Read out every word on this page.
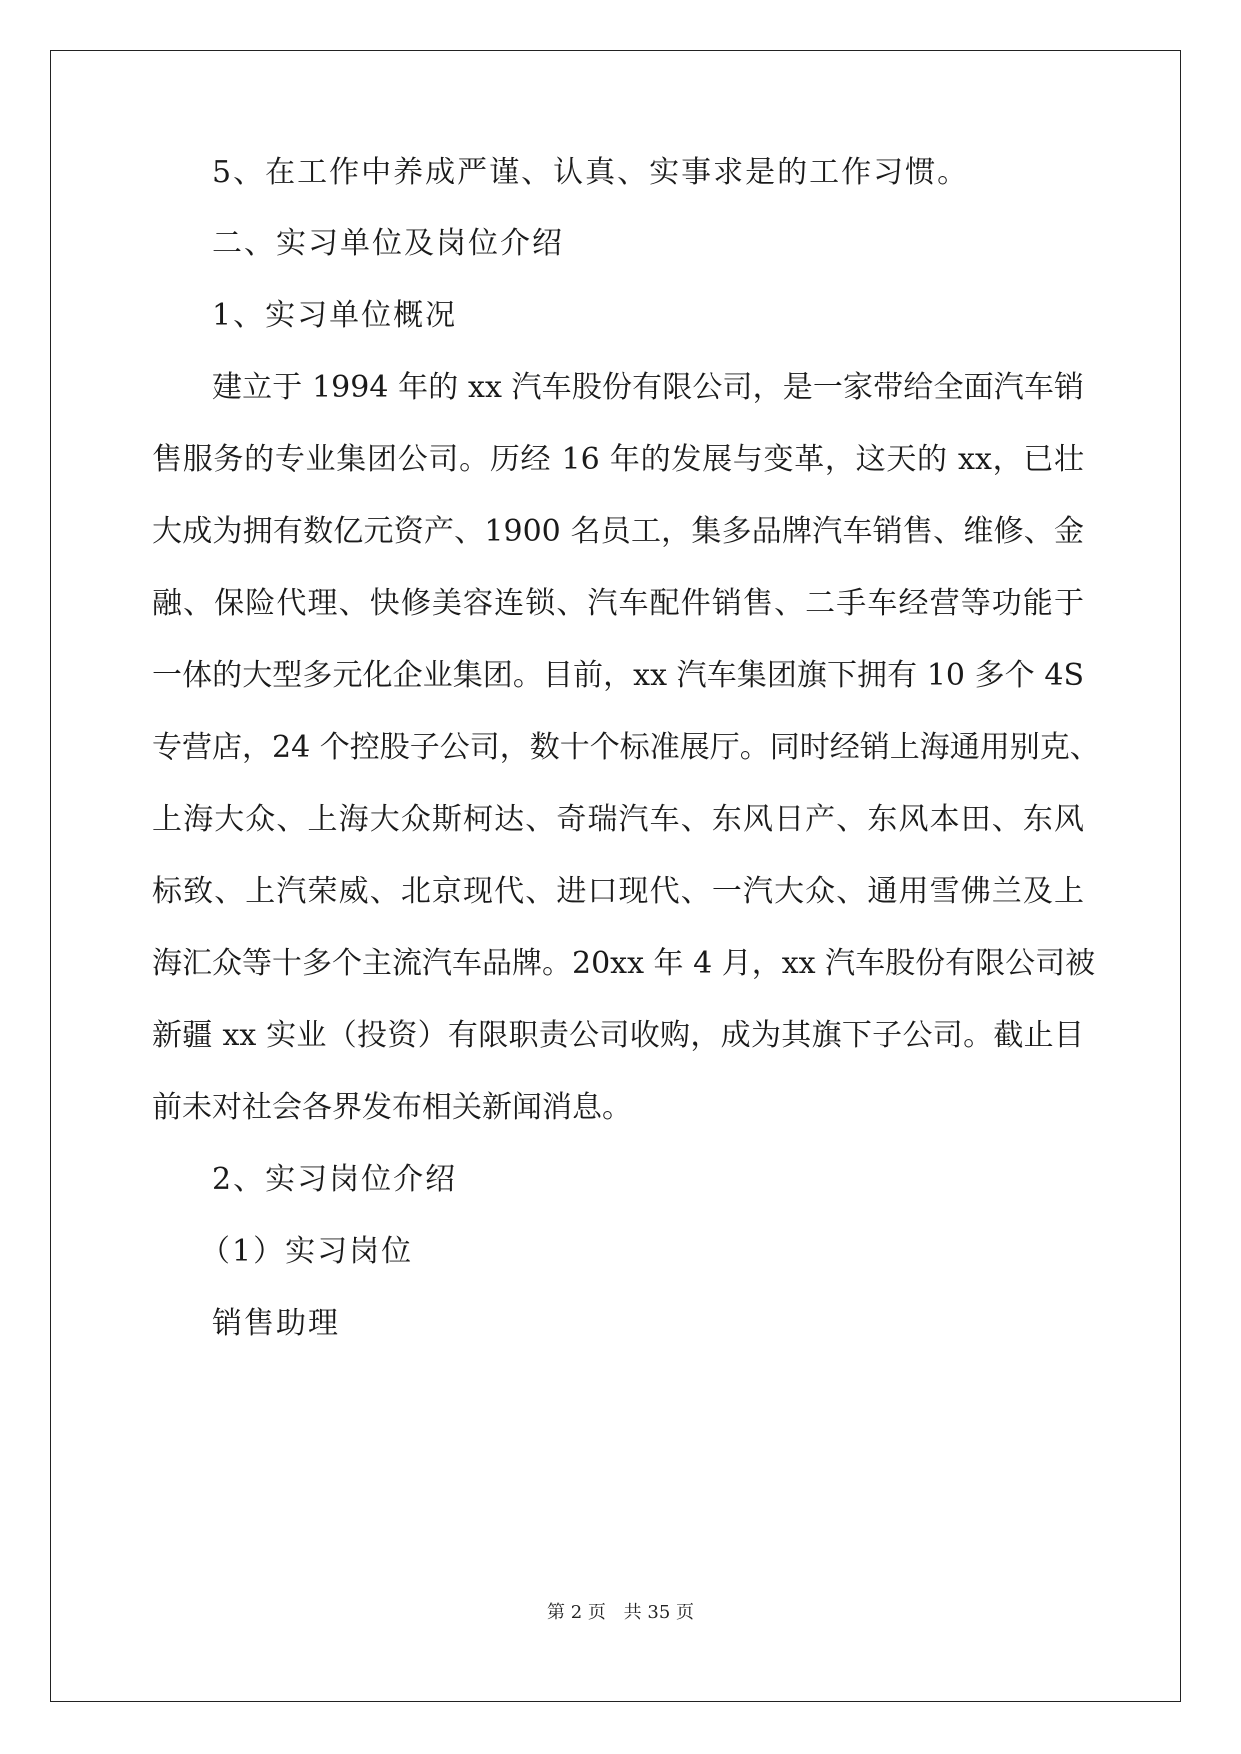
5、在工作中养成严谨、认真、实事求是的工作习惯。
二、实习单位及岗位介绍
1、实习单位概况
建立于 1994 年的 xx 汽车股份有限公司，是一家带给全面汽车销
售服务的专业集团公司。历经 16 年的发展与变革，这天的 xx，已壮
大成为拥有数亿元资产、1900 名员工，集多品牌汽车销售、维修、金
融、保险代理、快修美容连锁、汽车配件销售、二手车经营等功能于
一体的大型多元化企业集团。目前，xx 汽车集团旗下拥有 10 多个 4S
专营店，24 个控股子公司，数十个标准展厅。同时经销上海通用别克、
上海大众、上海大众斯柯达、奇瑞汽车、东风日产、东风本田、东风
标致、上汽荣威、北京现代、进口现代、一汽大众、通用雪佛兰及上
海汇众等十多个主流汽车品牌。20xx 年 4 月，xx 汽车股份有限公司被
新疆 xx 实业（投资）有限职责公司收购，成为其旗下子公司。截止目
前未对社会各界发布相关新闻消息。
2、实习岗位介绍
（1）实习岗位
销售助理
第 2 页 共 35 页
